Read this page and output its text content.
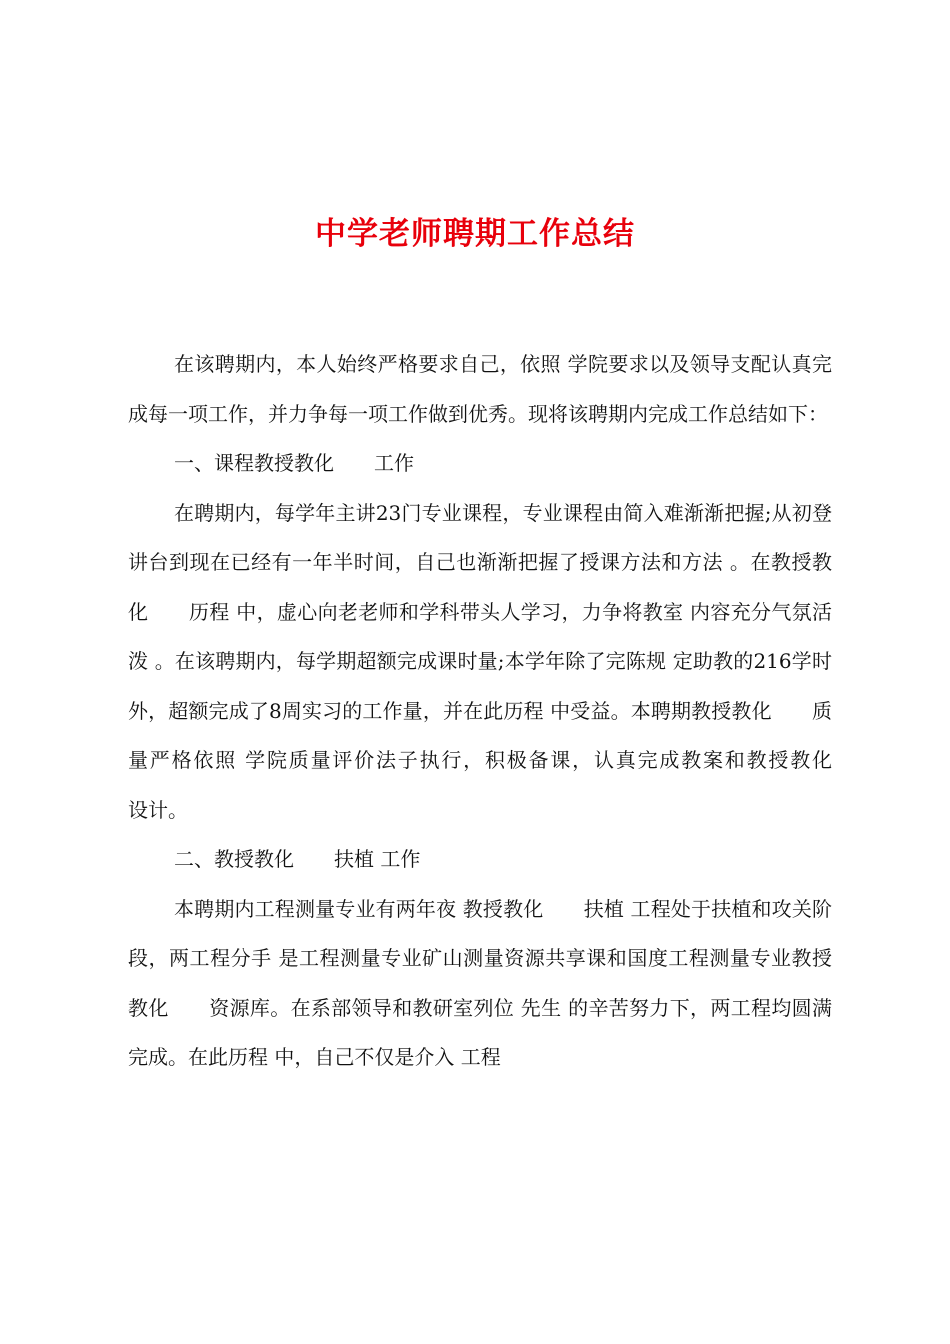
中学老师聘期工作总结

在该聘期内，本人始终严格要求自己，依照 学院要求以及领导支配认真完成每一项工作，并力争每一项工作做到优秀。现将该聘期内完成工作总结如下：

一、课程教授教化　　工作

在聘期内，每学年主讲23门专业课程，专业课程由简入难渐渐把握;从初登讲台到现在已经有一年半时间，自己也渐渐把握了授课方法和方法 。在教授教化　　历程 中，虚心向老老师和学科带头人学习，力争将教室 内容充分气氛活泼 。在该聘期内，每学期超额完成课时量;本学年除了完陈规 定助教的216学时外，超额完成了8周实习的工作量，并在此历程 中受益。本聘期教授教化　　质量严格依照 学院质量评价法子执行，积极备课，认真完成教案和教授教化　　设计。

二、教授教化　　扶植 工作

本聘期内工程测量专业有两年夜 教授教化　　扶植 工程处于扶植和攻关阶段，两工程分手 是工程测量专业矿山测量资源共享课和国度工程测量专业教授教化　　资源库。在系部领导和教研室列位 先生 的辛苦努力下，两工程均圆满完成。在此历程 中，自己不仅是介入 工程
